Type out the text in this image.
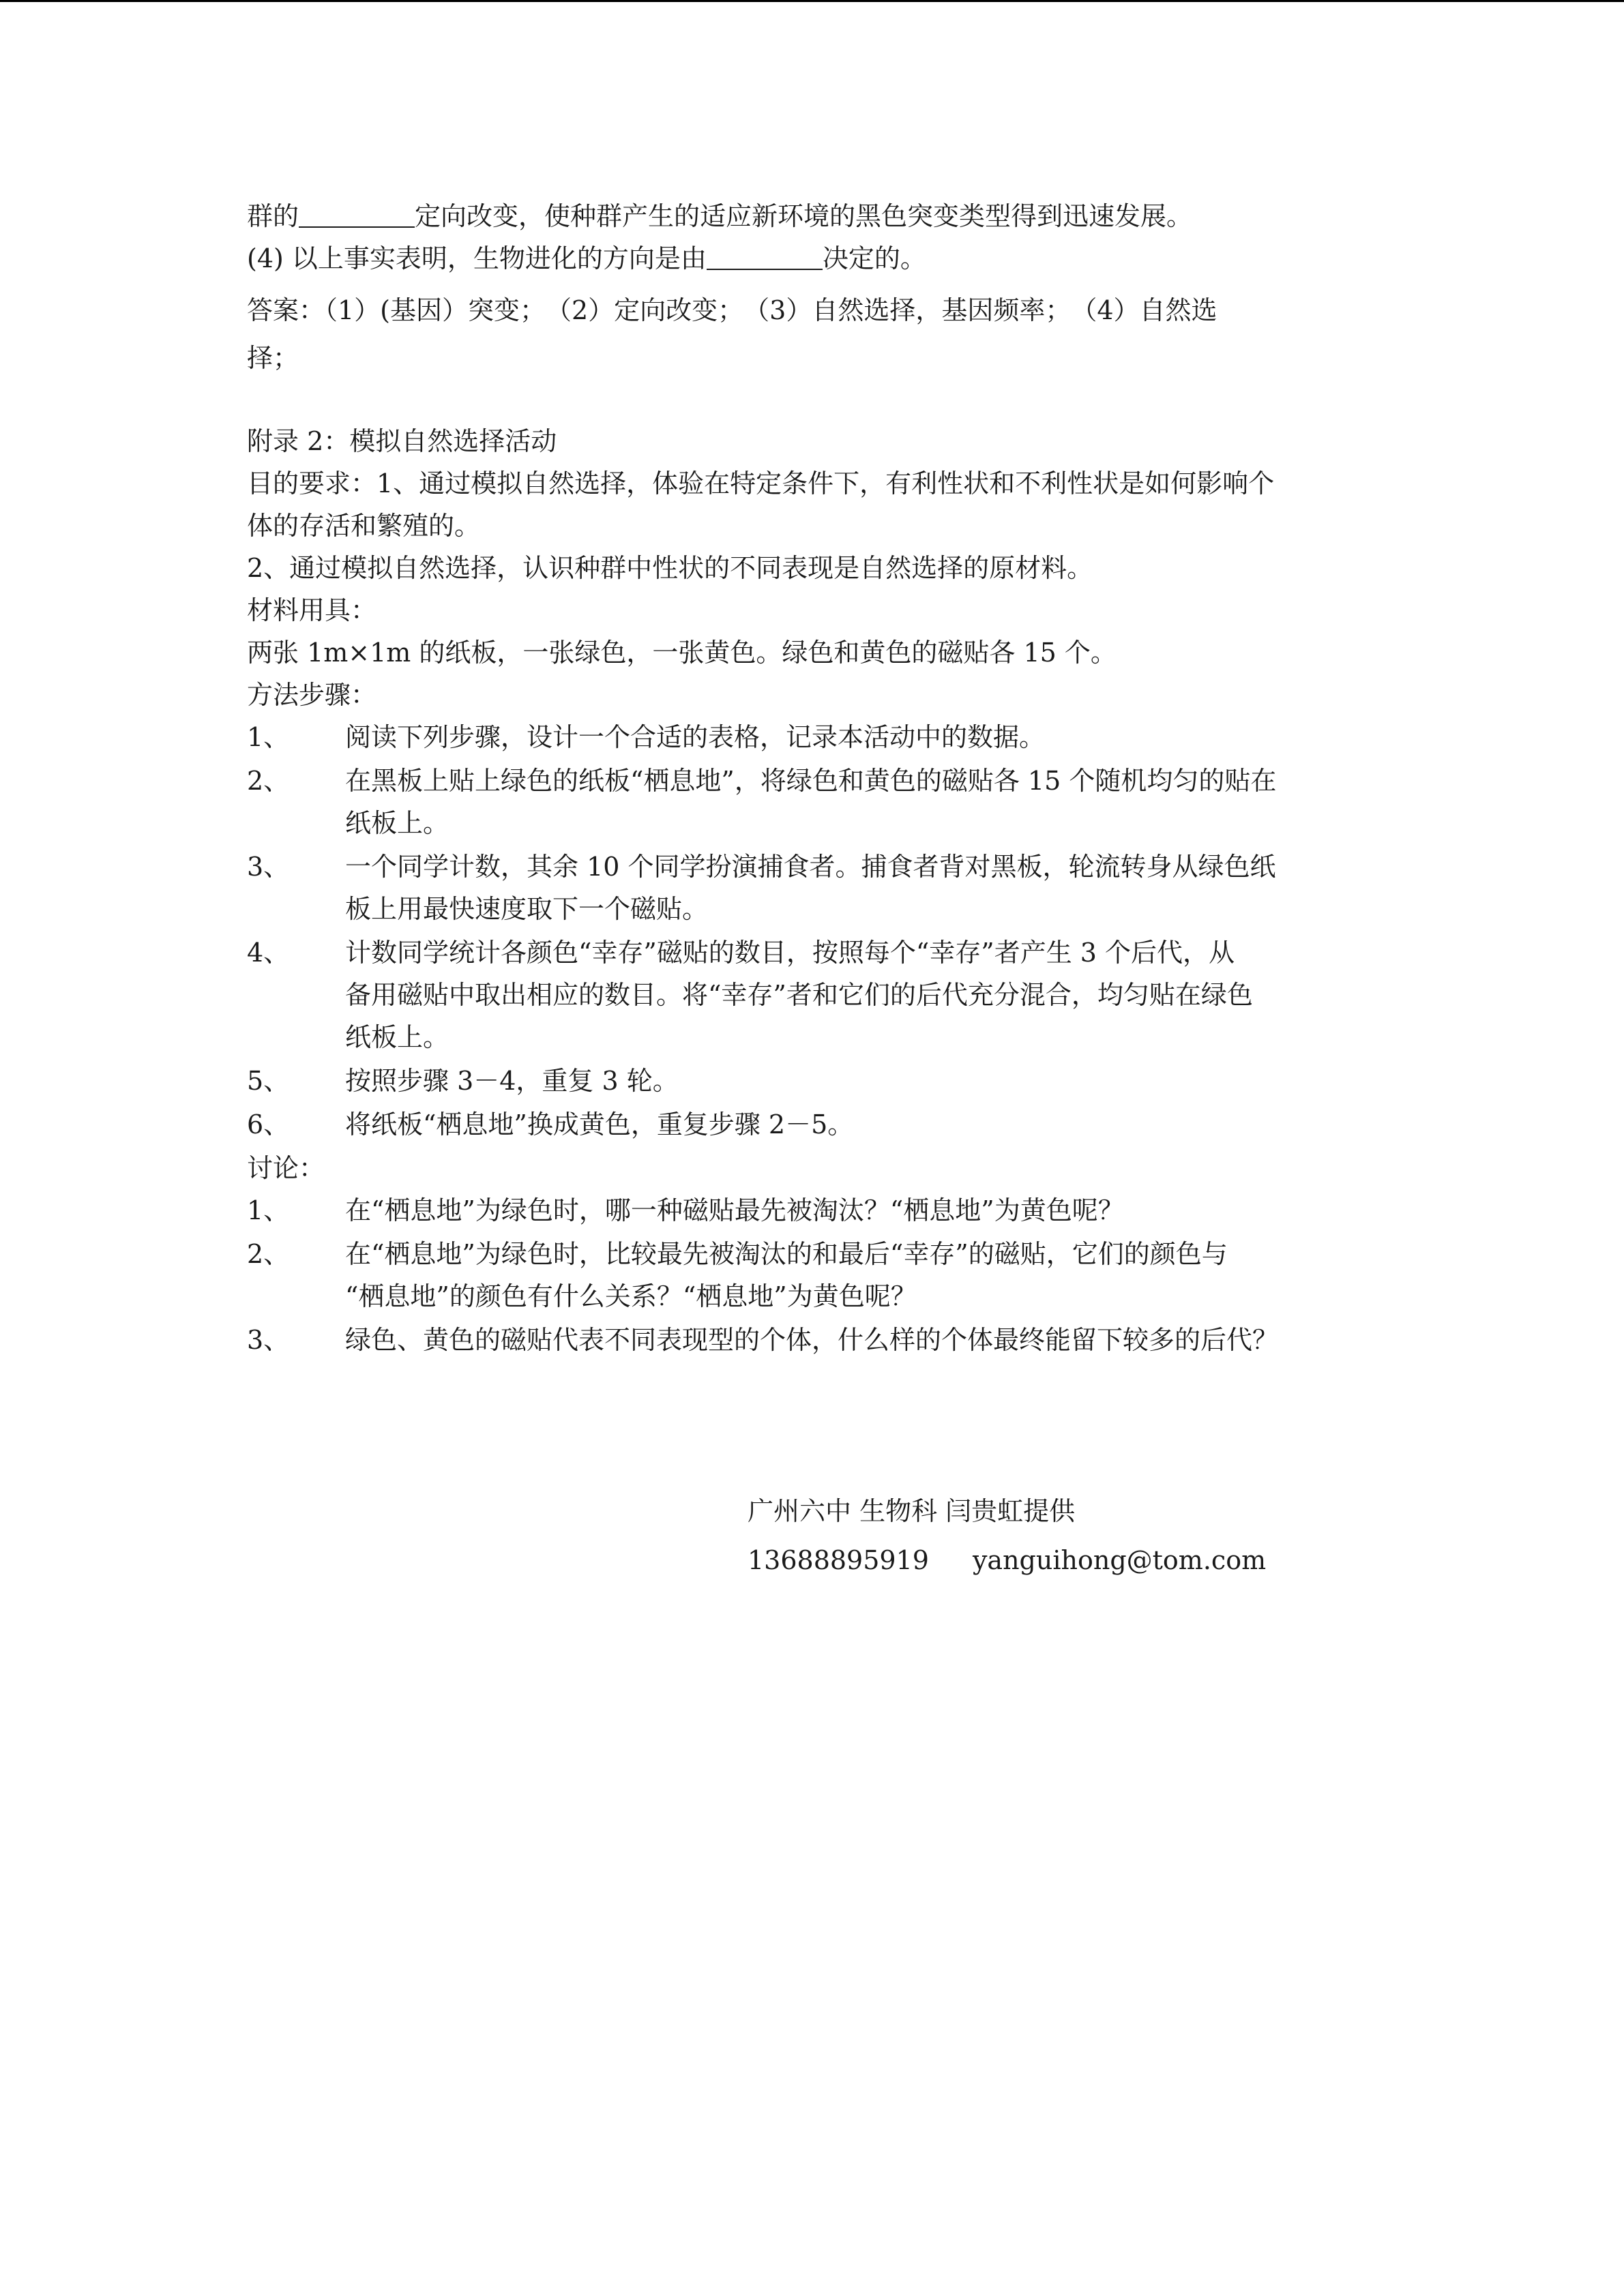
群的	定向改变，使种群产生的适应新环境的黑色突变类型得到迅速发展。
(4) 以上事实表明，生物进化的方向是由	决定的。
答案：（1）(基因）突变；　（2）定向改变；　（3）自然选择，基因频率；　（4）自然选
择；
附录 2：模拟自然选择活动
目的要求：1、通过模拟自然选择，体验在特定条件下，有利性状和不利性状是如何影响个
体的存活和繁殖的。
2、通过模拟自然选择，认识种群中性状的不同表现是自然选择的原材料。
材料用具：
两张 1m×1m 的纸板，一张绿色，一张黄色。绿色和黄色的磁贴各 15 个。
方法步骤：
1、	阅读下列步骤，设计一个合适的表格，记录本活动中的数据。
2、	在黑板上贴上绿色的纸板“栖息地”，将绿色和黄色的磁贴各 15 个随机均匀的贴在
纸板上。
3、	一个同学计数，其余 10 个同学扮演捕食者。捕食者背对黑板，轮流转身从绿色纸
板上用最快速度取下一个磁贴。
4、	计数同学统计各颜色“幸存”磁贴的数目，按照每个“幸存”者产生 3 个后代，从
备用磁贴中取出相应的数目。将“幸存”者和它们的后代充分混合，均匀贴在绿色
纸板上。
5、	按照步骤 3－4，重复 3 轮。
6、	将纸板“栖息地”换成黄色，重复步骤 2－5。
讨论：
1、	在“栖息地”为绿色时，哪一种磁贴最先被淘汰？“栖息地”为黄色呢？
2、	在“栖息地”为绿色时，比较最先被淘汰的和最后“幸存”的磁贴，它们的颜色与
“栖息地”的颜色有什么关系？“栖息地”为黄色呢？
3、	绿色、黄色的磁贴代表不同表现型的个体，什么样的个体最终能留下较多的后代？
广州六中 生物科 闫贵虹提供
13688895919 yanguihong@tom.com
